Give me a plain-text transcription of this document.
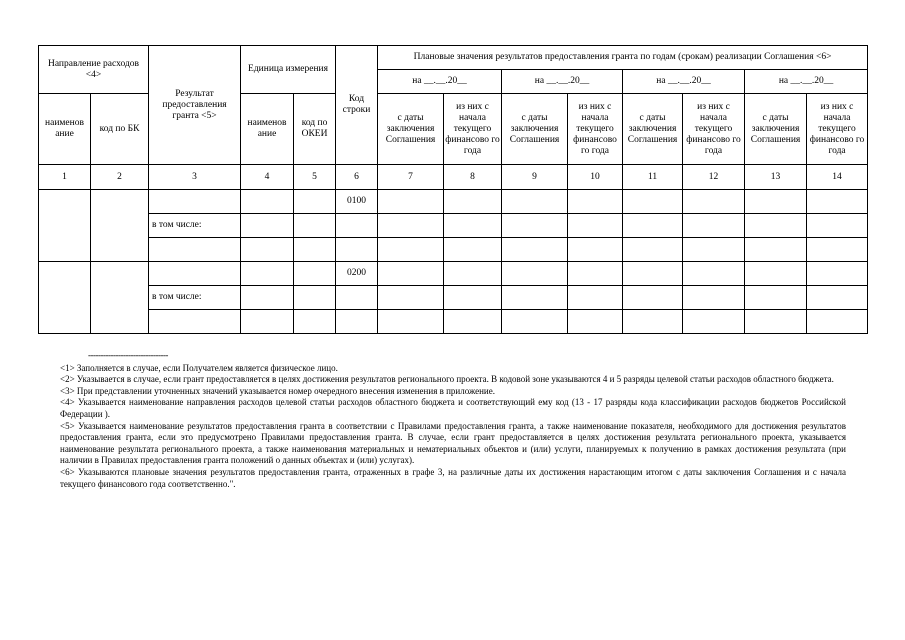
Направление расходов <4>		Результат предоставления гранта <5>	Единица измерения		Код строки	Плановые значения результатов предоставления гранта по годам (срокам) реализации Соглашения <6>							
						на __.__.20__		на __.__.20__		на __.__.20__		на __.__.20__	
наименов ание	код по БК		наименов ание	код по ОКЕИ		с даты заключения Соглашения	из них с начала текущего финансово го года	с даты заключения Соглашения	из них с начала текущего финансово го года	с даты заключения Соглашения	из них с начала текущего финансово го года	с даты заключения Соглашения	из них с начала текущего финансово го года
1	2	3	4	5	6	7	8	9	10	11	12	13	14
					0100								
		в том числе:											

					0200								
		в том числе:											

--------------------------------

<1> Заполняется в случае, если Получателем является физическое лицо.

<2> Указывается в случае, если грант предоставляется в целях достижения результатов регионального проекта. В кодовой зоне указываются 4 и 5 разряды целевой статьи расходов областного бюджета.

<3> При представлении уточненных значений указывается номер очередного внесения изменения в приложение.

<4> Указывается наименование направления расходов целевой статьи расходов областного бюджета и соответствующий ему код (13 - 17 разряды кода классификации расходов бюджетов Российской Федерации ).

<5> Указывается наименование результатов предоставления гранта в соответствии с Правилами предоставления гранта, а также наименование показателя, необходимого для достижения результатов предоставления гранта, если это предусмотрено Правилами предоставления гранта. В случае, если грант предоставляется в целях достижения результата регионального проекта, указывается наименование результата регионального проекта, а также наименования материальных и нематериальных объектов и (или) услуги, планируемых к получению в рамках достижения результата (при наличии в Правилах предоставления гранта положений о данных объектах и (или) услугах).

<6> Указываются плановые значения результатов предоставления гранта, отраженных в графе 3, на различные даты их достижения нарастающим итогом с даты заключения Соглашения и с начала текущего финансового года соответственно.".
